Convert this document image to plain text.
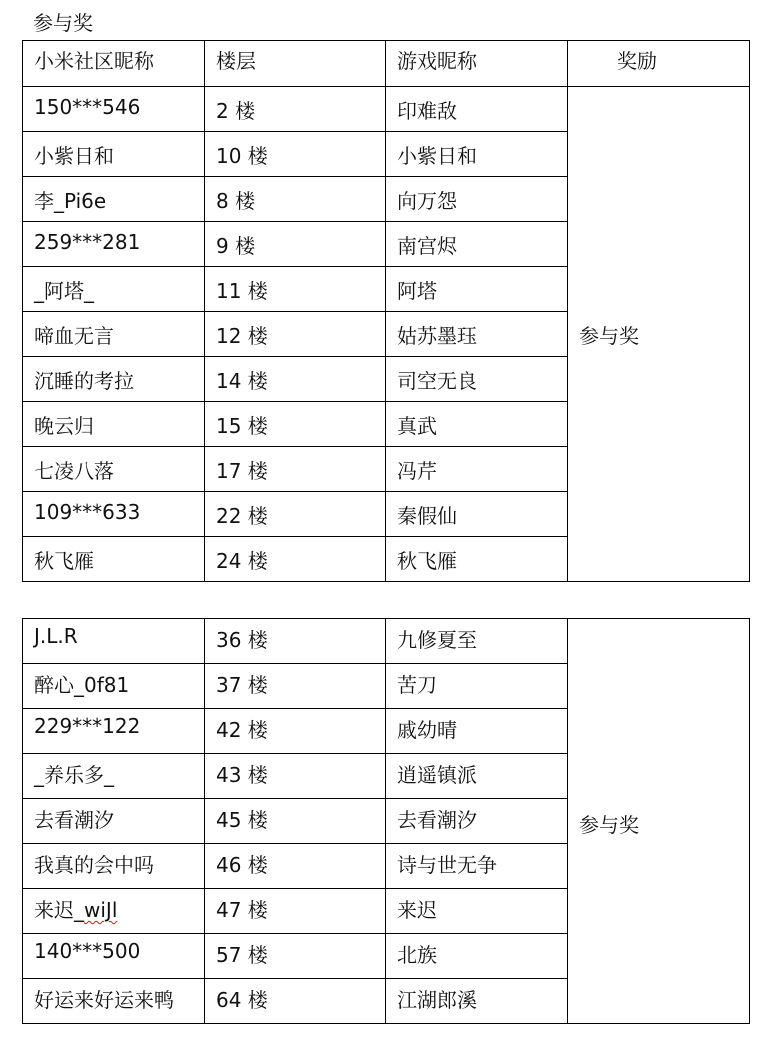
参与奖
小米社区昵称	楼层	游戏昵称	奖励
150***546	2 楼	印难敌	参与奖
小紫日和	10 楼	小紫日和	
李_Pi6e	8 楼	向万怨	
259***281	9 楼	南宫烬	
_阿塔_	11 楼	阿塔	
啼血无言	12 楼	姑苏墨珏	
沉睡的考拉	14 楼	司空无良	
晚云归	15 楼	真武	
七凌八落	17 楼	冯芹	
109***633	22 楼	秦假仙	
秋飞雁	24 楼	秋飞雁	
J.L.R	36 楼	九修夏至	参与奖
醉心_0f81	37 楼	苦刀	
229***122	42 楼	戚幼晴	
_养乐多_	43 楼	逍遥镇派	
去看潮汐	45 楼	去看潮汐	
我真的会中吗	46 楼	诗与世无争	
来迟_wiJl	47 楼	来迟	
140***500	57 楼	北族	
好运来好运来鸭	64 楼	江湖郎溪	
